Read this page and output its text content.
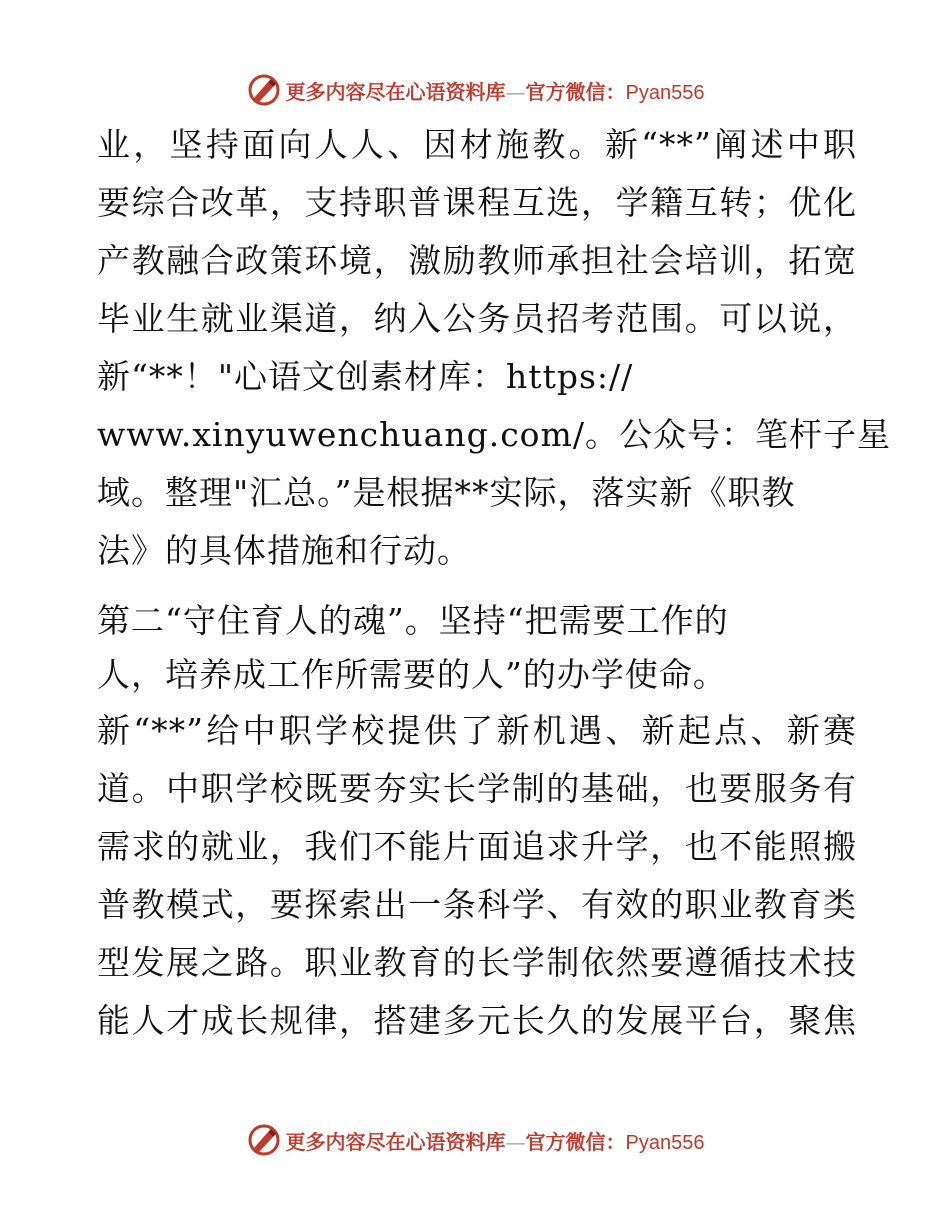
更多内容尽在心语资料库—官方微信：Pyan556
业，坚持面向人人、因材施教。新“**”阐述中职
要综合改革，支持职普课程互选，学籍互转；优化
产教融合政策环境，激励教师承担社会培训，拓宽
毕业生就业渠道，纳入公务员招考范围。可以说，
新“**！"心语文创素材库：https://
www.xinyuwenchuang.com/。公众号：笔杆子星
域。整理"汇总。”是根据**实际，落实新《职教
法》的具体措施和行动。
第二“守住育人的魂”。坚持“把需要工作的
人，培养成工作所需要的人”的办学使命。
新“**”给中职学校提供了新机遇、新起点、新赛
道。中职学校既要夯实长学制的基础，也要服务有
需求的就业，我们不能片面追求升学，也不能照搬
普教模式，要探索出一条科学、有效的职业教育类
型发展之路。职业教育的长学制依然要遵循技术技
能人才成长规律，搭建多元长久的发展平台，聚焦
更多内容尽在心语资料库—官方微信：Pyan556
